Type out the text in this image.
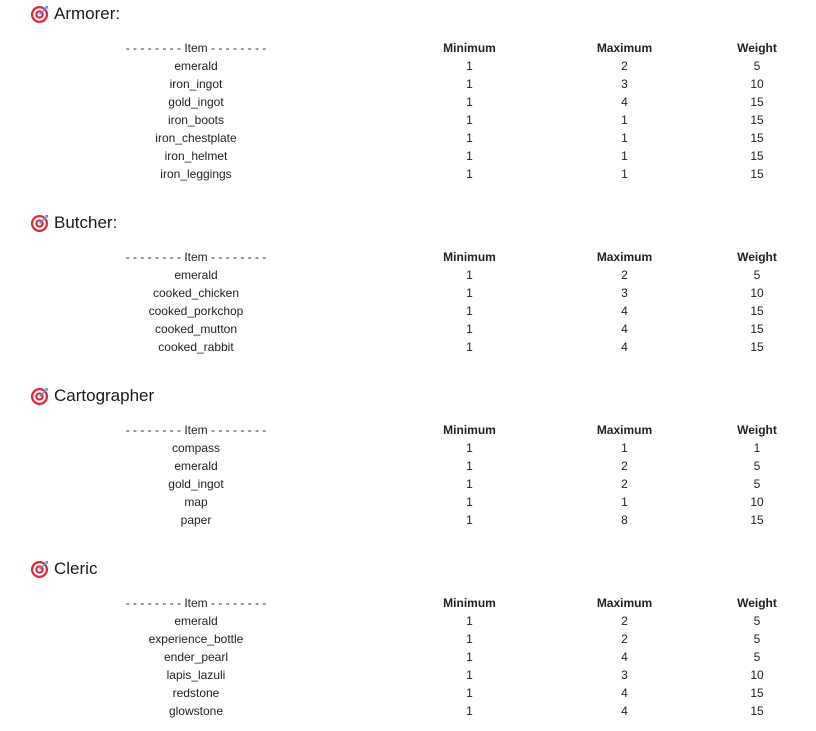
Armorer:
- - - - - - - - Item - - - - - - - -	Minimum	Maximum	Weight
emerald	1	2	5
iron_ingot	1	3	10
gold_ingot	1	4	15
iron_boots	1	1	15
iron_chestplate	1	1	15
iron_helmet	1	1	15
iron_leggings	1	1	15
Butcher:
- - - - - - - - Item - - - - - - - -	Minimum	Maximum	Weight
emerald	1	2	5
cooked_chicken	1	3	10
cooked_porkchop	1	4	15
cooked_mutton	1	4	15
cooked_rabbit	1	4	15
Cartographer
- - - - - - - - Item - - - - - - - -	Minimum	Maximum	Weight
compass	1	1	1
emerald	1	2	5
gold_ingot	1	2	5
map	1	1	10
paper	1	8	15
Cleric
- - - - - - - - Item - - - - - - - -	Minimum	Maximum	Weight
emerald	1	2	5
experience_bottle	1	2	5
ender_pearl	1	4	5
lapis_lazuli	1	3	10
redstone	1	4	15
glowstone	1	4	15
